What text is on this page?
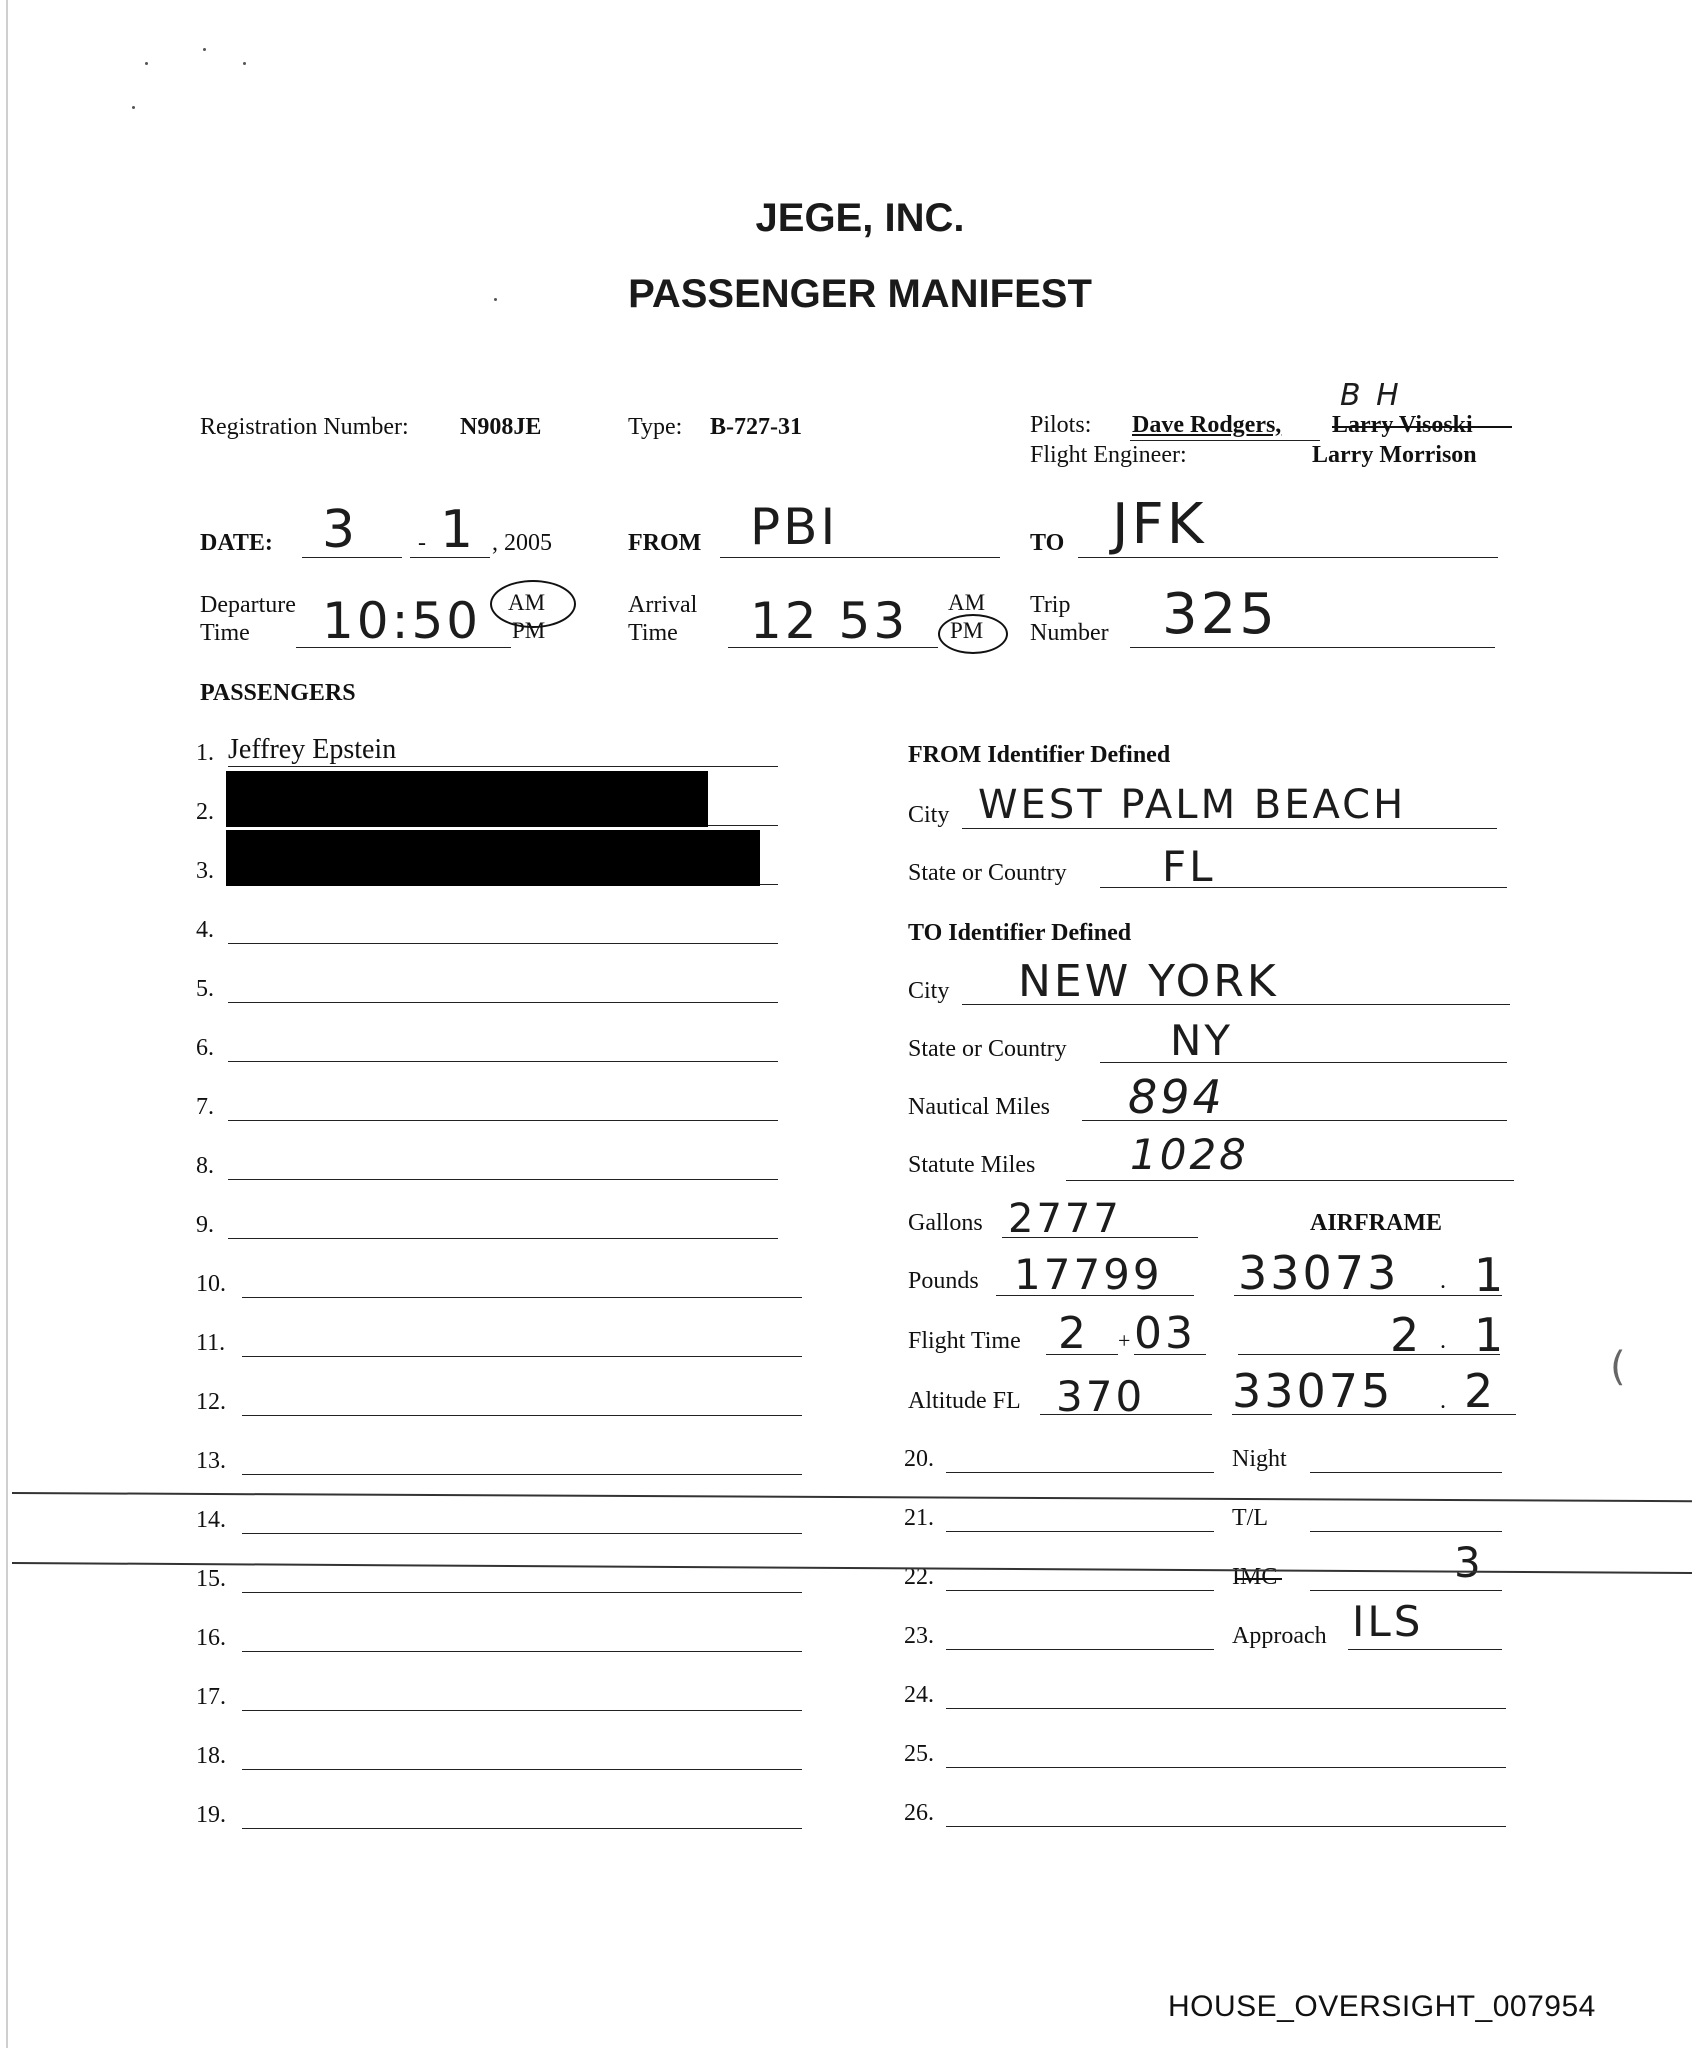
JEGE, INC.
PASSENGER MANIFEST
Registration Number: N908JE	Type: B-727-31	Pilots: Dave Rodgers, Larry Visoski
B H
Flight Engineer:	Larry Morrison
DATE: 3 - 1 , 2005	FROM PBI	TO JFK
Departure
Time 10:50 AM
PM
Arrival
Time 12 53 AM
PM
Trip
Number 325
PASSENGERS
1. Jeffrey Epstein
2.
3.
4.
5.
6.
7.
8.
9.
10.
11.
12.
13.
14.
15.
16.
17.
18.
19.
FROM Identifier Defined
City WEST PALM BEACH
State or Country FL
TO Identifier Defined
City NEW YORK
State or Country NY
Nautical Miles 894
Statute Miles 1028
Gallons 2777	AIRFRAME
Pounds 17799 33073 . 1
Flight Time 2 + 03	2 . 1
Altitude FL 370 33075 . 2	(
20.	Night
21.	T/L
22.	IMC	3
23.	Approach ILS
24.
25.
26.
HOUSE_OVERSIGHT_007954
